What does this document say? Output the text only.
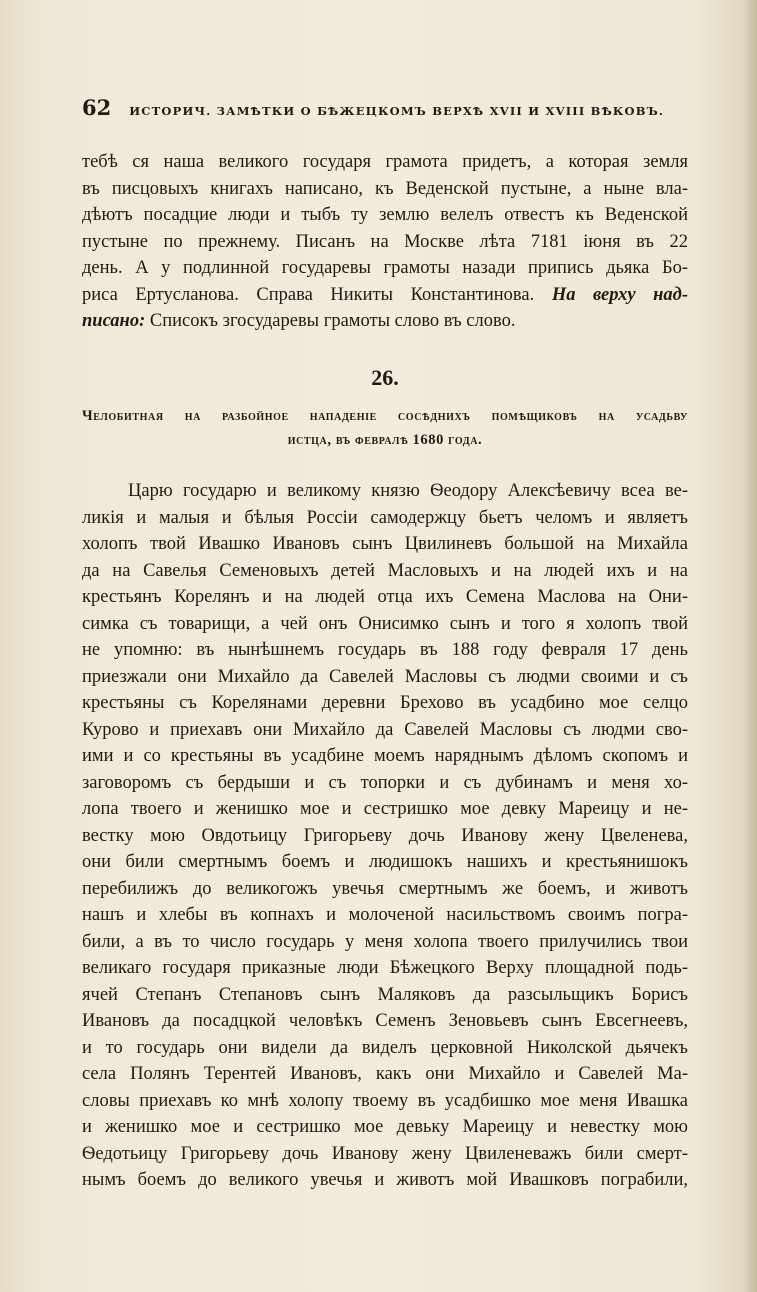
62 ИСТОРИЧ. ЗАМѢТКИ О БѢЖЕЦКОМЪ ВЕРХѢ XVII И XVIII ВѢКОВЪ.
тебѣ ся наша великого государя грамота придетъ, а которая земля
въ писцовыхъ книгахъ написано, къ Веденской пустыне, а ныне вла-
дѣютъ посадцие люди и тыбъ ту землю велелъ отвестъ къ Веденской
пустыне по прежнему. Писанъ на Москве лѣта 7181 іюня въ 22
день. А у подлинной государевы грамоты назади припись дьяка Бо-
риса Ертусланова. Справа Никиты Константинова. На верху над-
писано: Списокъ згосударевы грамоты слово въ слово.
26.
Челобитная на разбойное нападеніе сосѣднихъ помѣщиковъ на усадьву
истца, въ февралѣ 1680 года.
Царю государю и великому князю Ѳеодору Алексѣевичу всеа ве-
ликія и малыя и бѣлыя Россіи самодержцу бьетъ челомъ и являетъ
холопъ твой Ивашко Ивановъ сынъ Цвилиневъ большой на Михайла
да на Савелья Семеновыхъ детей Масловыхъ и на людей ихъ и на
крестьянъ Корелянъ и на людей отца ихъ Семена Маслова на Они-
симка съ товарищи, а чей онъ Онисимко сынъ и того я холопъ твой
не упомню: въ нынѣшнемъ государь въ 188 году февраля 17 день
приезжали они Михайло да Савелей Масловы съ людми своими и съ
крестьяны съ Корелянами деревни Брехово въ усадбино мое селцо
Курово и приехавъ они Михайло да Савелей Масловы съ людми сво-
ими и со крестьяны въ усадбине моемъ наряднымъ дѣломъ скопомъ и
заговоромъ съ бердыши и съ топорки и съ дубинамъ и меня хо-
лопа твоего и женишко мое и сестришко мое девку Мареицу и не-
вестку мою Овдотьицу Григорьеву дочь Иванову жену Цвеленева,
они били смертнымъ боемъ и людишокъ нашихъ и крестьянишокъ
перебилижъ до великогожъ увечья смертнымъ же боемъ, и животъ
нашъ и хлебы въ копнахъ и молоченой насильствомъ своимъ погра-
били, а въ то число государь у меня холопа твоего прилучились твои
великаго государя приказные люди Бѣжецкого Верху площадной подь-
ячей Степанъ Степановъ сынъ Маляковъ да разсыльщикъ Борисъ
Ивановъ да посадцкой человѣкъ Семенъ Зеновьевъ сынъ Евсегнеевъ,
и то государь они видели да виделъ церковной Николской дьячекъ
села Полянъ Терентей Ивановъ, какъ они Михайло и Савелей Ма-
словы приехавъ ко мнѣ холопу твоему въ усадбишко мое меня Ивашка
и женишко мое и сестришко мое девьку Мареицу и невестку мою
Ѳедотьицу Григорьеву дочь Иванову жену Цвиленеважъ били смерт-
нымъ боемъ до великого увечья и животъ мой Ивашковъ пограбили,
